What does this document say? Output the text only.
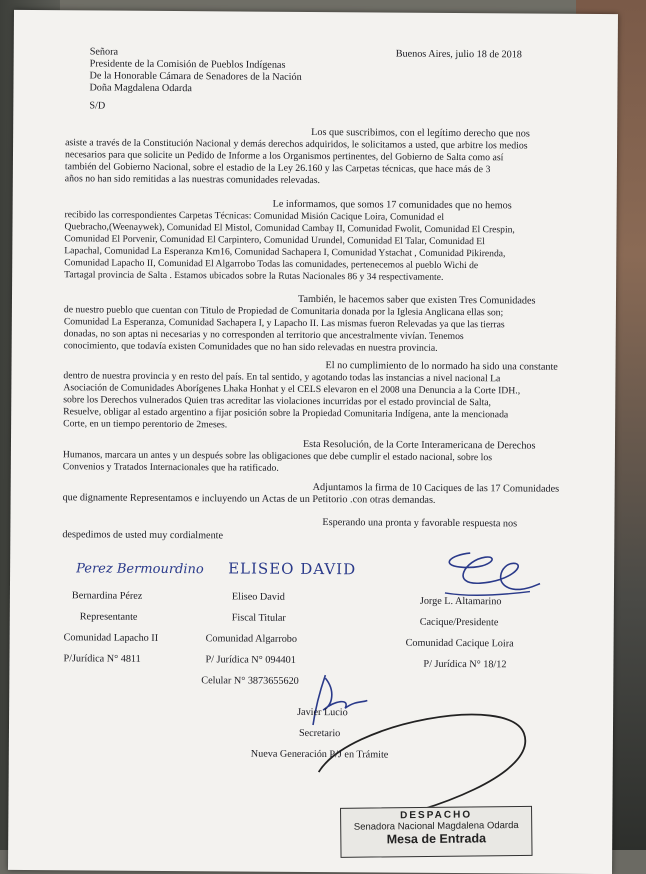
Buenos Aires, julio 18 de 2018
Señora
Presidente de la Comisión de Pueblos Indígenas
De la Honorable Cámara de Senadores de la Nación
Doña Magdalena Odarda
S/D
Los que suscribimos, con el legítimo derecho que nos
asiste a través de la Constitución Nacional y demás derechos adquiridos, le solicitamos a usted, que arbitre los medios
necesarios para que solicite un Pedido de Informe a los Organismos pertinentes, del Gobierno de Salta como así
también del Gobierno Nacional, sobre el estadio de la Ley 26.160 y las Carpetas técnicas, que hace más de 3
años no han sido remitidas a las nuestras comunidades relevadas.
Le informamos, que somos 17 comunidades que no hemos
recibido las correspondientes Carpetas Técnicas: Comunidad Misión Cacique Loira, Comunidad el
Quebracho,(Weenaywek), Comunidad El Mistol, Comunidad Cambay II, Comunidad Fwolit, Comunidad El Crespin,
Comunidad El Porvenir, Comunidad El Carpintero, Comunidad Urundel, Comunidad El Talar, Comunidad El
Lapachal, Comunidad La Esperanza Km16, Comunidad Sachapera I, Comunidad Ystachat , Comunidad Pikirenda,
Comunidad Lapacho II, Comunidad El Algarrobo Todas las comunidades, pertenecemos al pueblo Wichi de
Tartagal provincia de Salta . Estamos ubicados sobre la Rutas Nacionales 86 y 34 respectivamente.
También, le hacemos saber que existen Tres Comunidades
de nuestro pueblo que cuentan con Titulo de Propiedad de Comunitaria donada por la Iglesia Anglicana ellas son;
Comunidad La Esperanza, Comunidad Sachapera I, y Lapacho II. Las mismas fueron Relevadas ya que las tierras
donadas, no son aptas ni necesarias y no corresponden al territorio que ancestralmente vivían. Tenemos
conocimiento, que todavía existen Comunidades que no han sido relevadas en nuestra provincia.
El no cumplimiento de lo normado ha sido una constante
dentro de nuestra provincia y en resto del país. En tal sentido, y agotando todas las instancias a nivel nacional La
Asociación de Comunidades Aborígenes Lhaka Honhat y el CELS elevaron en el 2008 una Denuncia a la Corte IDH.,
sobre los Derechos vulnerados Quien tras acreditar las violaciones incurridas por el estado provincial de Salta,
Resuelve, obligar al estado argentino a fijar posición sobre la Propiedad Comunitaria Indígena, ante la mencionada
Corte, en un tiempo perentorio de 2meses.
Esta Resolución, de la Corte Interamericana de Derechos
Humanos, marcara un antes y un después sobre las obligaciones que debe cumplir el estado nacional, sobre los
Convenios y Tratados Internacionales que ha ratificado.
Adjuntamos la firma de 10 Caciques de las 17 Comunidades
que dignamente Representamos e incluyendo un Actas de un Petitorio .con otras demandas.
Esperando una pronta y favorable respuesta nos
despedimos de usted muy cordialmente
Perez Bermourdino ELISEO DAVID
Bernardina Pérez
Representante
Comunidad Lapacho II
P/Jurídica N° 4811
Eliseo David
Fiscal Titular
Comunidad Algarrobo
P/ Jurídica N° 094401
Celular N° 3873655620
Jorge L. Altamarino
Cacique/Presidente
Comunidad Cacique Loira
P/ Jurídica N° 18/12
Javier Lucio
Secretario
Nueva Generación P/J en Trámite
DESPACHO
Senadora Nacional Magdalena Odarda
Mesa de Entrada
